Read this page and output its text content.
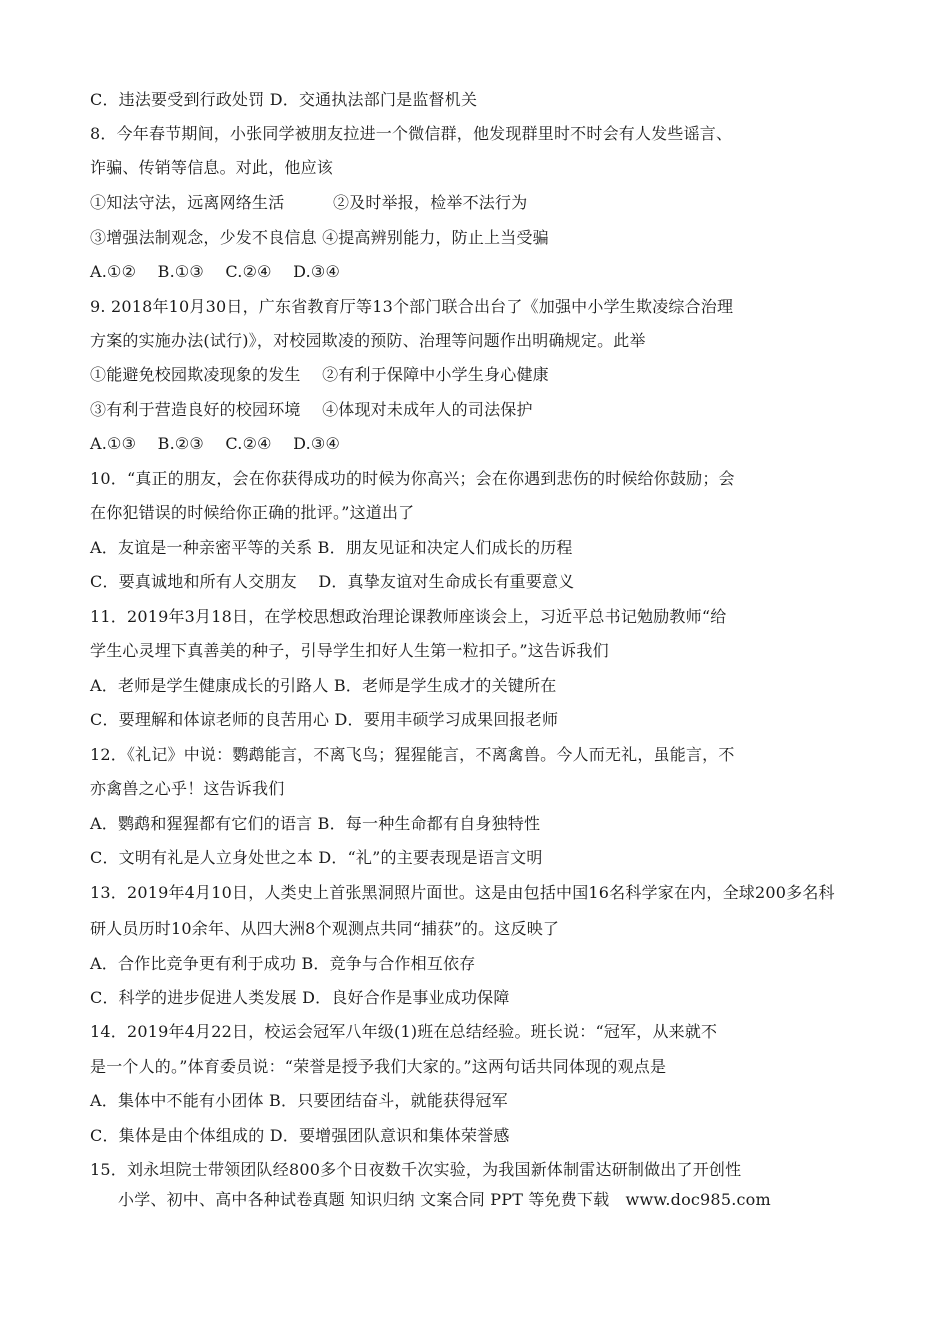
C．违法要受到行政处罚 D．交通执法部门是监督机关
8．今年春节期间，小张同学被朋友拉进一个微信群，他发现群里时不时会有人发些谣言、
诈骗、传销等信息。对此，他应该
①知法守法，远离网络生活　　　②及时举报，检举不法行为
③增强法制观念，少发不良信息 ④提高辨别能力，防止上当受骗
A.①②　 B.①③　 C.②④　 D.③④
9. 2018年10月30日，广东省教育厅等13个部门联合出台了《加强中小学生欺凌综合治理
方案的实施办法(试行)》，对校园欺凌的预防、治理等问题作出明确规定。此举
①能避免校园欺凌现象的发生　 ②有利于保障中小学生身心健康
③有利于营造良好的校园环境　 ④体现对未成年人的司法保护
A.①③　 B.②③　 C.②④　 D.③④
10．“真正的朋友，会在你获得成功的时候为你高兴；会在你遇到悲伤的时候给你鼓励；会
在你犯错误的时候给你正确的批评。”这道出了
A．友谊是一种亲密平等的关系 B．朋友见证和决定人们成长的历程
C．要真诚地和所有人交朋友　 D．真挚友谊对生命成长有重要意义
11．2019年3月18日，在学校思想政治理论课教师座谈会上，习近平总书记勉励教师“给
学生心灵埋下真善美的种子，引导学生扣好人生第一粒扣子。”这告诉我们
A．老师是学生健康成长的引路人 B．老师是学生成才的关键所在
C．要理解和体谅老师的良苦用心 D．要用丰硕学习成果回报老师
12．《礼记》中说：鹦鹉能言，不离飞鸟；猩猩能言，不离禽兽。今人而无礼，虽能言，不
亦禽兽之心乎！这告诉我们
A．鹦鹉和猩猩都有它们的语言 B．每一种生命都有自身独特性
C．文明有礼是人立身处世之本 D．“礼”的主要表现是语言文明
13．2019年4月10日，人类史上首张黑洞照片面世。这是由包括中国16名科学家在内，全球200多名科
研人员历时10余年、从四大洲8个观测点共同“捕获”的。这反映了
A．合作比竞争更有利于成功 B．竞争与合作相互依存
C．科学的进步促进人类发展 D．良好合作是事业成功保障
14．2019年4月22日，校运会冠军八年级(1)班在总结经验。班长说：“冠军，从来就不
是一个人的。”体育委员说：“荣誉是授予我们大家的。”这两句话共同体现的观点是
A．集体中不能有小团体 B．只要团结奋斗，就能获得冠军
C．集体是由个体组成的 D．要增强团队意识和集体荣誉感
15．刘永坦院士带领团队经800多个日夜数千次实验，为我国新体制雷达研制做出了开创性
小学、初中、高中各种试卷真题 知识归纳 文案合同 PPT 等免费下载　www.doc985.com
